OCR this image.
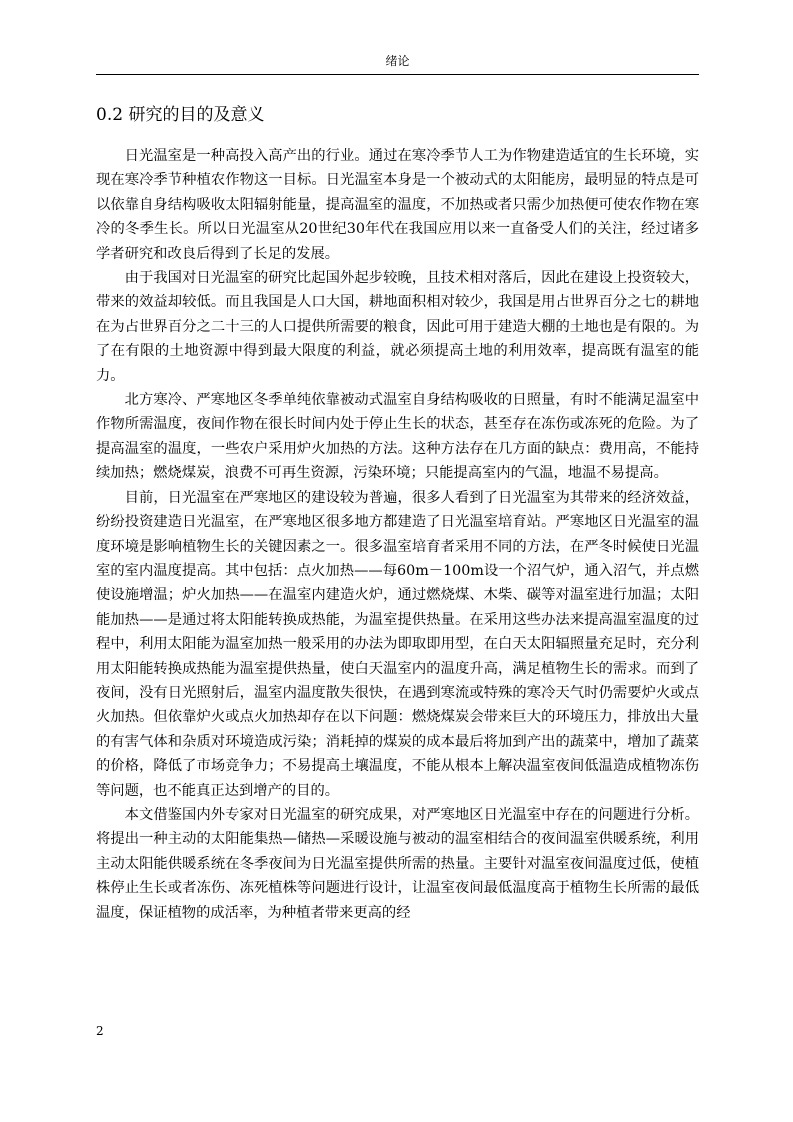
绪论
0.2 研究的目的及意义

日光温室是一种高投入高产出的行业。通过在寒冷季节人工为作物建造适宜的生长环境，实现在寒冷季节种植农作物这一目标。日光温室本身是一个被动式的太阳能房，最明显的特点是可以依靠自身结构吸收太阳辐射能量，提高温室的温度，不加热或者只需少加热便可使农作物在寒冷的冬季生长。所以日光温室从20世纪30年代在我国应用以来一直备受人们的关注，经过诸多学者研究和改良后得到了长足的发展。

由于我国对日光温室的研究比起国外起步较晚，且技术相对落后，因此在建设上投资较大，带来的效益却较低。而且我国是人口大国，耕地面积相对较少，我国是用占世界百分之七的耕地在为占世界百分之二十三的人口提供所需要的粮食，因此可用于建造大棚的土地也是有限的。为了在有限的土地资源中得到最大限度的利益，就必须提高土地的利用效率，提高既有温室的能力。

北方寒冷、严寒地区冬季单纯依靠被动式温室自身结构吸收的日照量，有时不能满足温室中作物所需温度，夜间作物在很长时间内处于停止生长的状态，甚至存在冻伤或冻死的危险。为了提高温室的温度，一些农户采用炉火加热的方法。这种方法存在几方面的缺点：费用高，不能持续加热；燃烧煤炭，浪费不可再生资源，污染环境；只能提高室内的气温，地温不易提高。

目前，日光温室在严寒地区的建设较为普遍，很多人看到了日光温室为其带来的经济效益，纷纷投资建造日光温室，在严寒地区很多地方都建造了日光温室培育站。严寒地区日光温室的温度环境是影响植物生长的关键因素之一。很多温室培育者采用不同的方法，在严冬时候使日光温室的室内温度提高。其中包括：点火加热——每60m－100m设一个沼气炉，通入沼气，并点燃使设施增温；炉火加热——在温室内建造火炉，通过燃烧煤、木柴、碳等对温室进行加温；太阳能加热——是通过将太阳能转换成热能，为温室提供热量。在采用这些办法来提高温室温度的过程中，利用太阳能为温室加热一般采用的办法为即取即用型，在白天太阳辐照量充足时，充分利用太阳能转换成热能为温室提供热量，使白天温室内的温度升高，满足植物生长的需求。而到了夜间，没有日光照射后，温室内温度散失很快，在遇到寒流或特殊的寒冷天气时仍需要炉火或点火加热。但依靠炉火或点火加热却存在以下问题：燃烧煤炭会带来巨大的环境压力，排放出大量的有害气体和杂质对环境造成污染；消耗掉的煤炭的成本最后将加到产出的蔬菜中，增加了蔬菜的价格，降低了市场竞争力；不易提高土壤温度，不能从根本上解决温室夜间低温造成植物冻伤等问题，也不能真正达到增产的目的。

本文借鉴国内外专家对日光温室的研究成果，对严寒地区日光温室中存在的问题进行分析。将提出一种主动的太阳能集热—储热—采暖设施与被动的温室相结合的夜间温室供暖系统，利用主动太阳能供暖系统在冬季夜间为日光温室提供所需的热量。主要针对温室夜间温度过低，使植株停止生长或者冻伤、冻死植株等问题进行设计，让温室夜间最低温度高于植物生长所需的最低温度，保证植物的成活率，为种植者带来更高的经

2
